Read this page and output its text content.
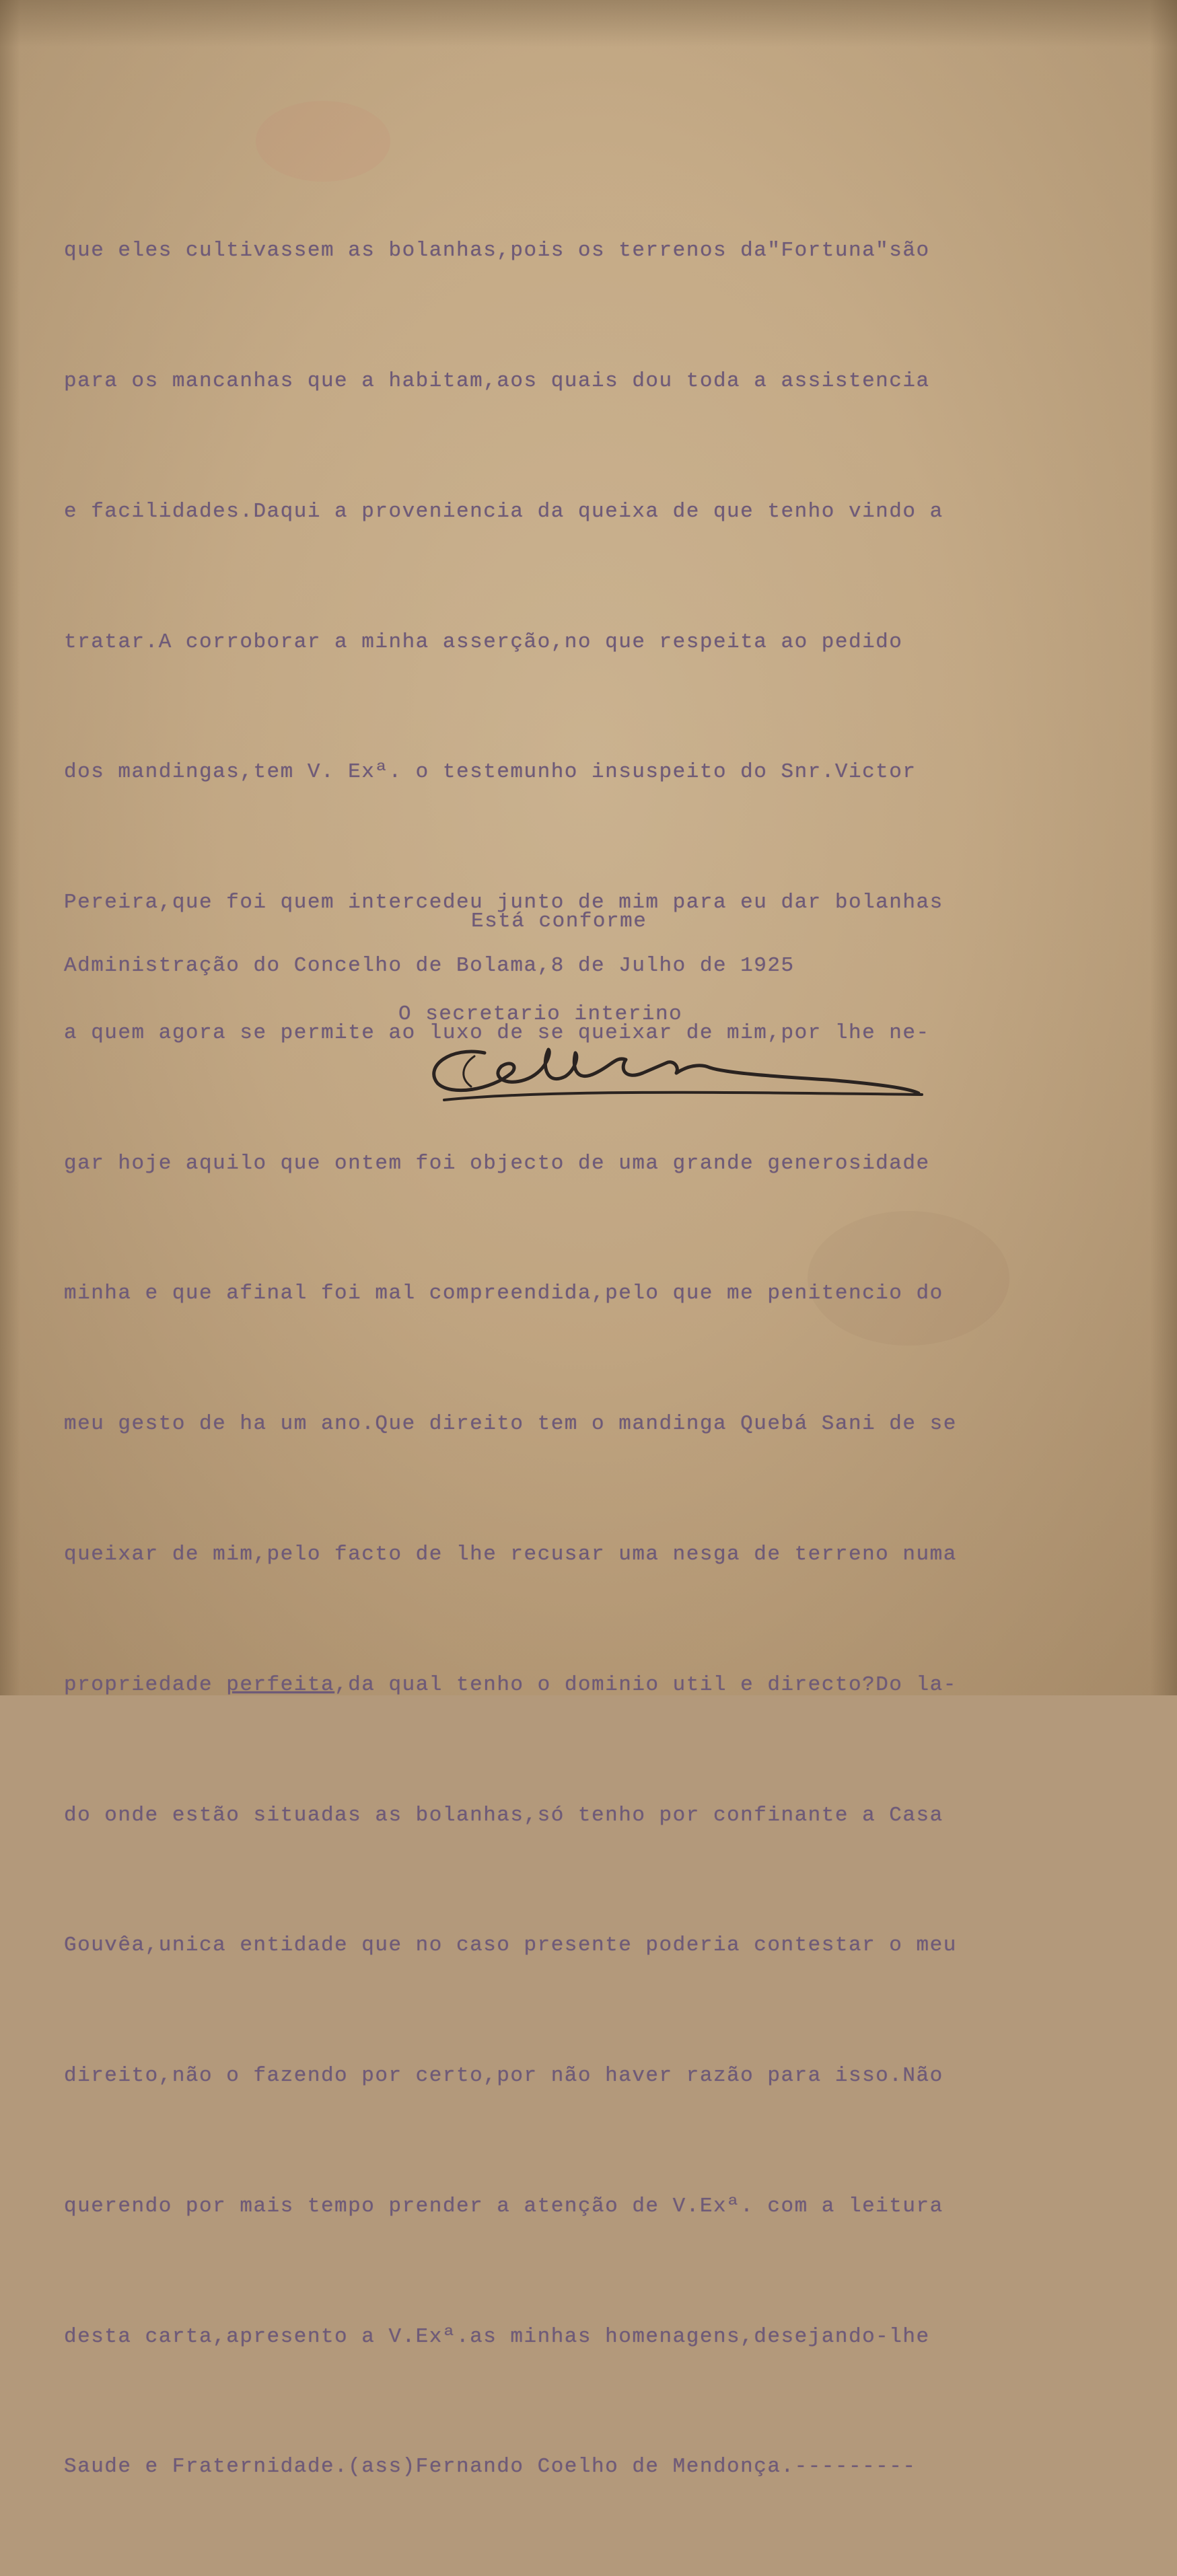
que eles cultivassem as bolanhas,pois os terrenos da"Fortuna"são

para os mancanhas que a habitam,aos quais dou toda a assistencia

e facilidades.Daqui a proveniencia da queixa de que tenho vindo a

tratar.A corroborar a minha asserção,no que respeita ao pedido

dos mandingas,tem V. Exª. o testemunho insuspeito do Snr.Victor

Pereira,que foi quem intercedeu junto de mim para eu dar bolanhas

a quem agora se permite ao luxo de se queixar de mim,por lhe ne-

gar hoje aquilo que ontem foi objecto de uma grande generosidade

minha e que afinal foi mal compreendida,pelo que me penitencio do

meu gesto de ha um ano.Que direito tem o mandinga Quebá Sani de se

queixar de mim,pelo facto de lhe recusar uma nesga de terreno numa

propriedade perfeita,da qual tenho o dominio util e directo?Do la-

do onde estão situadas as bolanhas,só tenho por confinante a Casa

Gouvêa,unica entidade que no caso presente poderia contestar o meu

direito,não o fazendo por certo,por não haver razão para isso.Não

querendo por mais tempo prender a atenção de V.Exª. com a leitura

desta carta,apresento a V.Exª.as minhas homenagens,desejando-lhe

Saude e Fraternidade.(ass)Fernando Coelho de Mendonça.---------

Está conforme
Administração do Concelho de Bolama,8 de Julho de 1925
O secretario interino
